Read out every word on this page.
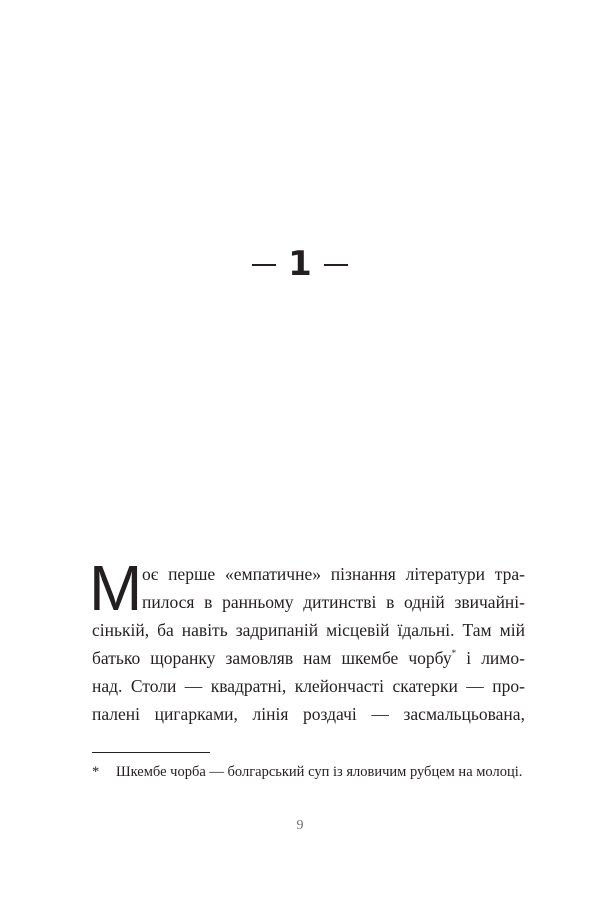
1
М оє перше «емпатичне» пізнання літератури тра-
пилося в ранньому дитинстві в одній звичайні-
сінькій, ба навіть задрипаній місцевій їдальні. Там мій
батько щоранку замовляв нам шкембе чорбу* і лимо-
над. Столи — квадратні, клейончасті скатерки — про-
палені цигарками, лінія роздачі — засмальцьована,
* Шкембе чорба — болгарський суп із яловичим рубцем на молоці.
9
